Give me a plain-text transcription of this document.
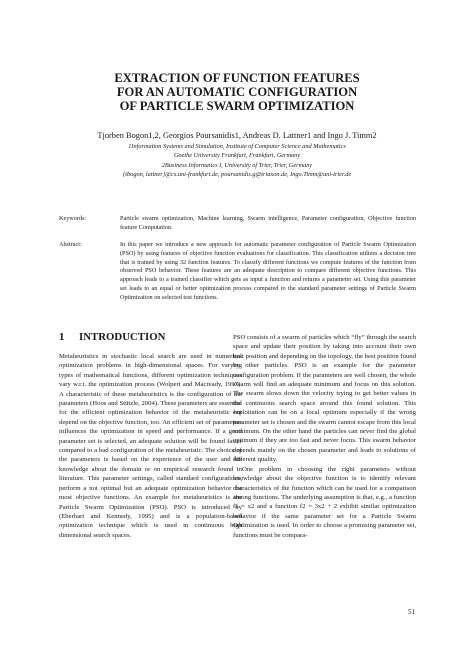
EXTRACTION OF FUNCTION FEATURES
FOR AN AUTOMATIC CONFIGURATION
OF PARTICLE SWARM OPTIMIZATION
Tjorben Bogon1,2, Georgios Poursanidis1, Andreas D. Lattner1 and Ingo J. Timm2
1Information Systems and Simulation, Institute of Computer Science and Mathematics
Goethe University Frankfurt, Frankfurt, Germany
2Business Informatics I, University of Trier, Trier, Germany
{tbogon, lattner}@cs.uni-frankfurt.de, poursanidis.g@triaxon.de, Ingo.Timm@uni-trier.de
Keywords:	Particle swarm optimization, Machine learning, Swarm intelligence, Parameter configuration, Objective function feature Computation.
Abstract:	In this paper we introduce a new approach for automatic parameter configuration of Particle Swarm Optimization (PSO) by using features of objective function evaluations for classification. This classification utilizes a decision tree that is trained by using 32 function features. To classify different functions we compute features of the function from observed PSO behavior. These features are an adequate description to compare different objective functions. This approach leads to a trained classifier which gets as input a function and returns a parameter set. Using this parameter set leads to an equal or better optimization process compared to the standard parameter settings of Particle Swarm Optimization on selected test functions.
1 INTRODUCTION

Metaheuristics in stochastic local search are used in numerical optimization problems in high-dimensional spaces. For varying types of mathematical functions, different optimization techniques vary w.r.t. the optimization process (Wolpert and Macready, 1997). A characteristic of these metaheuristics is the configuration of the parameters (Hoos and Stützle, 2004). These parameters are essential for the efficient optimization behavior of the metaheuristic but depend on the objective function, too. An efficient set of parameters influences the optimization in speed and performance. If a good parameter set is selected, an adequate solution will be found faster compared to a bad configuration of the metaheuristic. The choice of the parameters is based on the experience of the user and his knowledge about the domain or on empirical research found in literature. This parameter settings, called standard configurations, perform a not optimal but an adequate optimization behavior for most objective functions. An example for metaheuristics is the Particle Swarm Optimization (PSO). PSO is introduced by (Eberhart and Kennedy, 1995) and is a population-based optimization technique which is used in continuous high dimensional search spaces.

PSO consists of a swarm of particles which “fly” through the search space and update their position by taking into account their own best position and depending on the topology, the best position found by other particles. PSO is an example for the parameter configuration problem. If the parameters are well chosen, the whole swarm will find an adequate minimum and focus on this solution. The swarm slows down the velocity trying to get better values in the continuous search space around this found solution. This exploitation can be on a local optimum especially if the wrong parameter set is chosen and the swarm cannot escape from this local minimum. On the other hand the particles can never find the global optimum if they are too fast and never focus. This swarm behavior depends mainly on the chosen parameter and leads to solutions of different quality.

One problem in choosing the right parameters without knowledge about the objective function is to identify relevant characteristics of the function which can be used for a comparison among functions. The underlying assumption is that, e.g., a function f1 = x2 and a function f2 = 3x2 + 2 exhibit similar optimization behavior if the same parameter set for a Particle Swarm Optimization is used. In order to choose a promising parameter set, functions must be compara-

51
